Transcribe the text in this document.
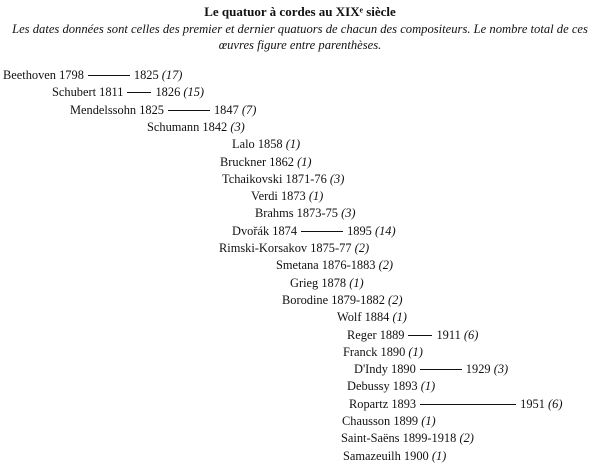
Le quatuor à cordes au XIXᵉ siècle
Les dates données sont celles des premier et dernier quatuors de chacun des compositeurs. Le nombre total de ces œuvres figure entre parenthèses.
Beethoven 1798	1825 (17)
Schubert 1811	1826 (15)
Mendelssohn 1825	1847 (7)
Schumann 1842 (3)
Lalo 1858 (1)
Bruckner 1862 (1)
Tchaikovski 1871-76 (3)
Verdi 1873 (1)
Brahms 1873-75 (3)
Dvořák 1874	1895 (14)
Rimski-Korsakov 1875-77 (2)
Smetana 1876-1883 (2)
Grieg 1878 (1)
Borodine 1879-1882 (2)
Wolf 1884 (1)
Reger 1889	1911 (6)
Franck 1890 (1)
D'Indy 1890	1929 (3)
Debussy 1893 (1)
Ropartz 1893	1951 (6)
Chausson 1899 (1)
Saint-Saëns 1899-1918 (2)
Samazeuilh 1900 (1)
